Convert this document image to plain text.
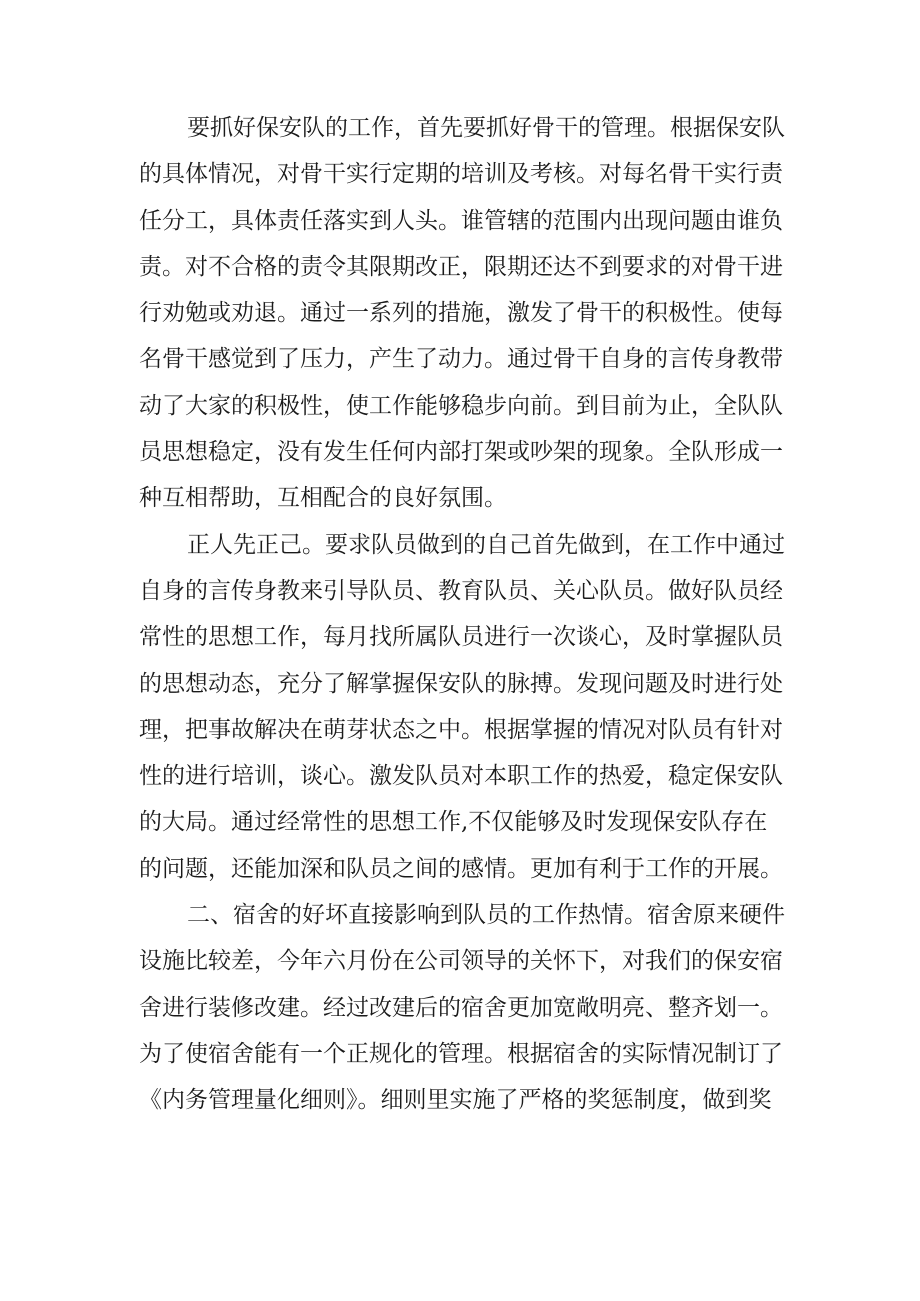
要抓好保安队的工作，首先要抓好骨干的管理。根据保安队
的具体情况，对骨干实行定期的培训及考核。对每名骨干实行责
任分工，具体责任落实到人头。谁管辖的范围内出现问题由谁负
责。对不合格的责令其限期改正，限期还达不到要求的对骨干进
行劝勉或劝退。通过一系列的措施，激发了骨干的积极性。使每
名骨干感觉到了压力，产生了动力。通过骨干自身的言传身教带
动了大家的积极性，使工作能够稳步向前。到目前为止，全队队
员思想稳定，没有发生任何内部打架或吵架的现象。全队形成一
种互相帮助，互相配合的良好氛围。
正人先正己。要求队员做到的自己首先做到，在工作中通过
自身的言传身教来引导队员、教育队员、关心队员。做好队员经
常性的思想工作，每月找所属队员进行一次谈心，及时掌握队员
的思想动态，充分了解掌握保安队的脉搏。发现问题及时进行处
理，把事故解决在萌芽状态之中。根据掌握的情况对队员有针对
性的进行培训，谈心。激发队员对本职工作的热爱，稳定保安队
的大局。通过经常性的思想工作,不仅能够及时发现保安队存在
的问题，还能加深和队员之间的感情。更加有利于工作的开展。
二、宿舍的好坏直接影响到队员的工作热情。宿舍原来硬件
设施比较差，今年六月份在公司领导的关怀下，对我们的保安宿
舍进行装修改建。经过改建后的宿舍更加宽敞明亮、整齐划一。
为了使宿舍能有一个正规化的管理。根据宿舍的实际情况制订了
《内务管理量化细则》。细则里实施了严格的奖惩制度，做到奖
